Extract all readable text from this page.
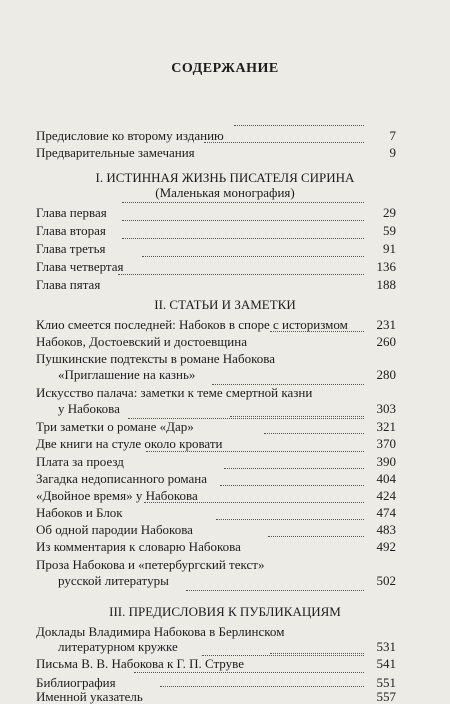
СОДЕРЖАНИЕ
Предисловие ко второму изданию	7
Предварительные замечания	9
I. ИСТИННАЯ ЖИЗНЬ ПИСАТЕЛЯ СИРИНА
(Маленькая монография)
Глава первая	29
Глава вторая	59
Глава третья	91
Глава четвертая	136
Глава пятая	188
II. СТАТЬИ И ЗАМЕТКИ
Клио смеется последней: Набоков в споре с историзмом 231
Набоков, Достоевский и достоевщина	260
Пушкинские подтексты в романе Набокова
«Приглашение на казнь»	280
Искусство палача: заметки к теме смертной казни
у Набокова	303
Три заметки о романе «Дар»	321
Две книги на стуле около кровати	370
Плата за проезд	390
Загадка недописанного романа	404
«Двойное время» у Набокова	424
Набоков и Блок	474
Об одной пародии Набокова	483
Из комментария к словарю Набокова	492
Проза Набокова и «петербургский текст»
русской литературы	502
III. ПРЕДИСЛОВИЯ К ПУБЛИКАЦИЯМ
Доклады Владимира Набокова в Берлинском
литературном кружке	531
Письма В. В. Набокова к Г. П. Струве	541
Библиография	551
Именной указатель	557
